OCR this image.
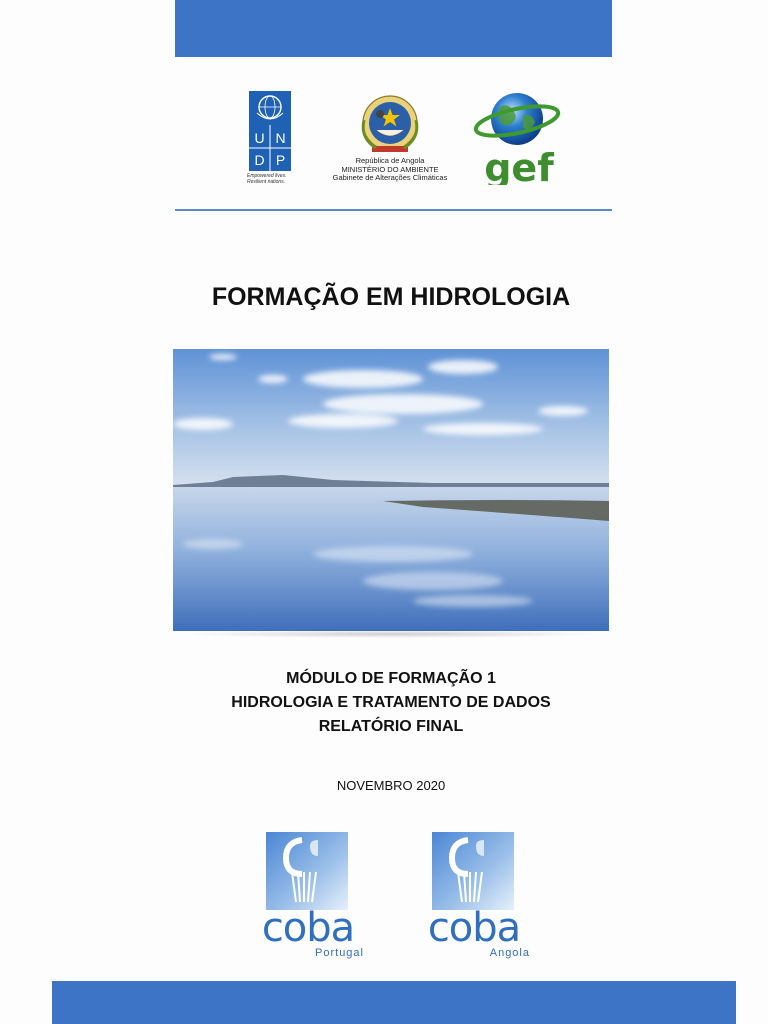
U N
D P
Empowered lives.
Resilient nations.
República de Angola
MINISTÉRIO DO AMBIENTE
Gabinete de Alterações Climáticas gef
FORMAÇÃO EM HIDROLOGIA
MÓDULO DE FORMAÇÃO 1
HIDROLOGIA E TRATAMENTO DE DADOS
RELATÓRIO FINAL
NOVEMBRO 2020
coba
Portugal
coba
Angola
